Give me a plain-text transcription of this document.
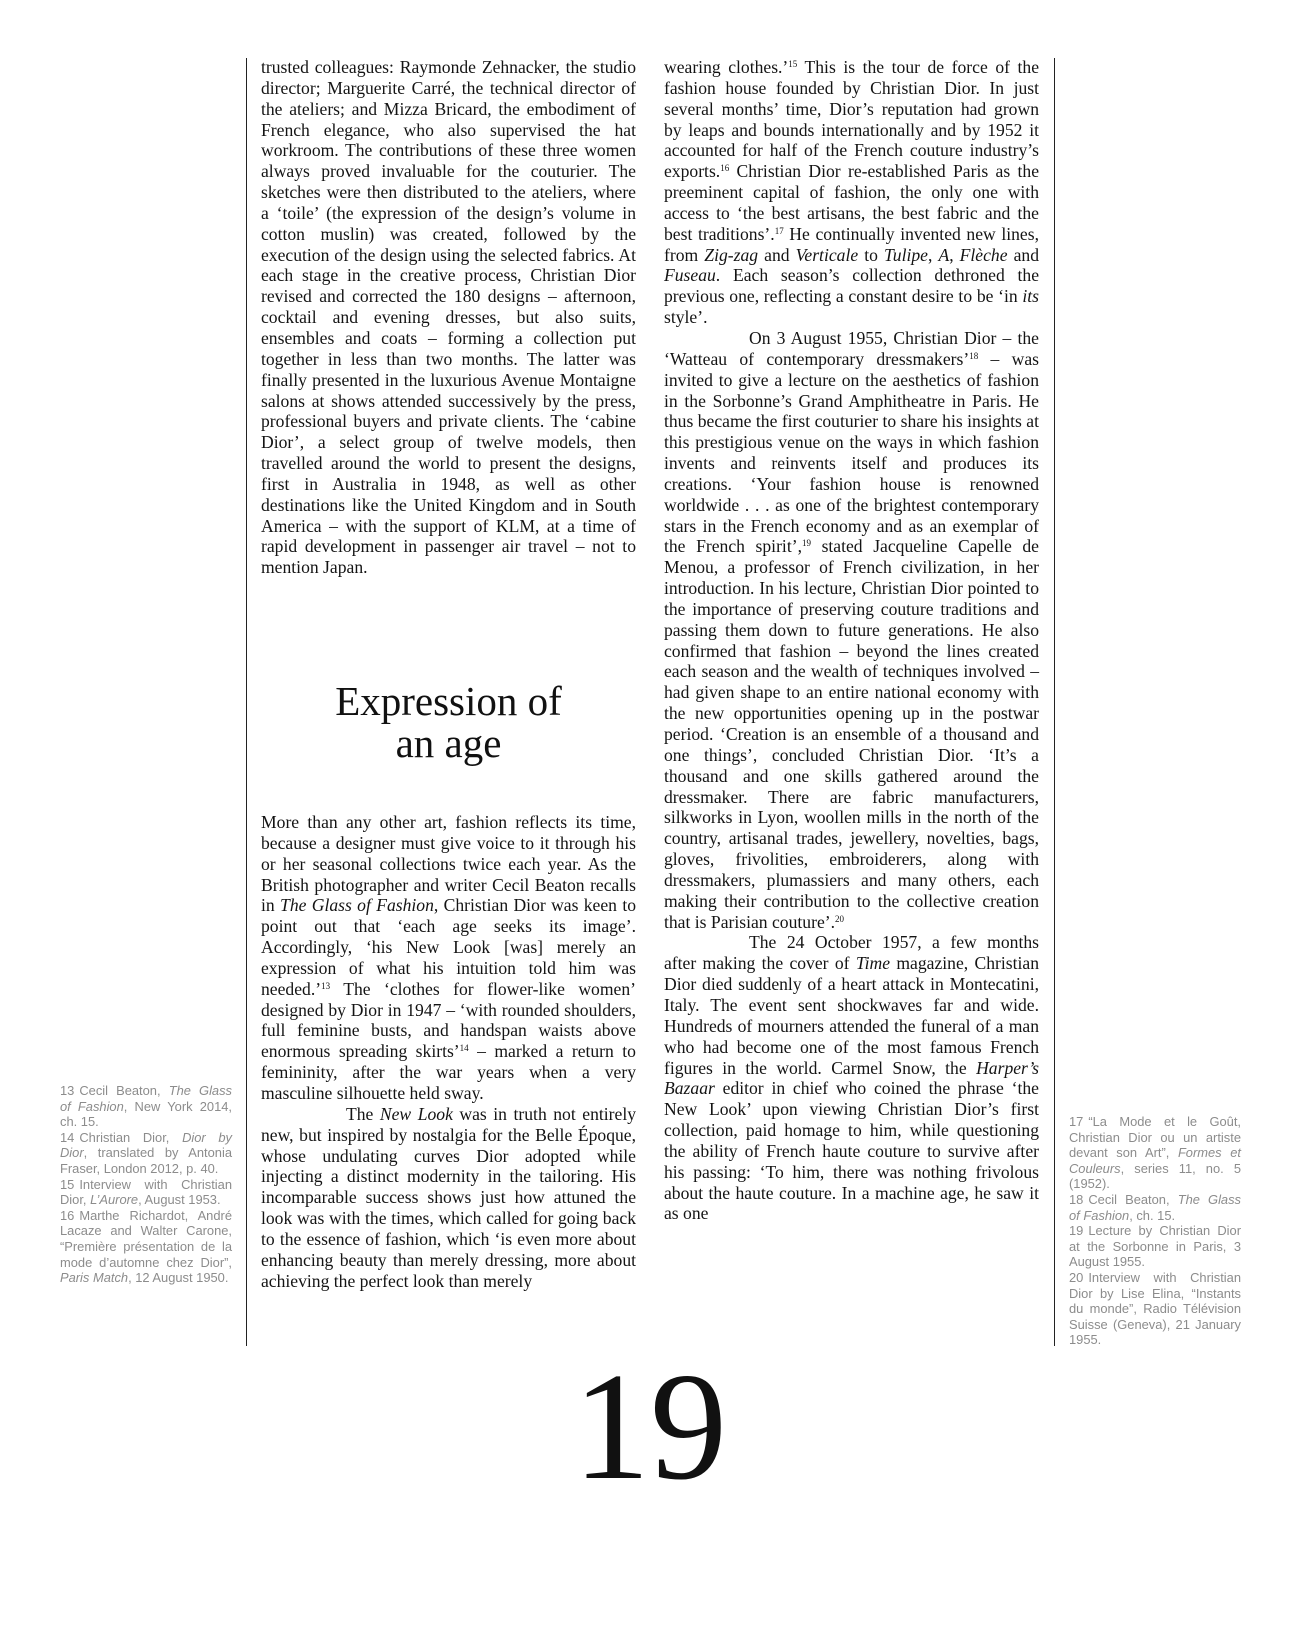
trusted colleagues: Raymonde Zehnacker, the studio director; Marguerite Carré, the technical director of the ateliers; and Mizza Bricard, the embodiment of French elegance, who also supervised the hat workroom. The contributions of these three women always proved invaluable for the couturier. The sketches were then distributed to the ateliers, where a ‘toile’ (the expression of the design’s volume in cotton muslin) was created, followed by the execution of the design using the selected fabrics. At each stage in the creative process, Christian Dior revised and corrected the 180 designs – afternoon, cocktail and evening dresses, but also suits, ensembles and coats – forming a collection put together in less than two months. The latter was finally presented in the luxurious Avenue Montaigne salons at shows attended successively by the press, professional buyers and private clients. The ‘cabine Dior’, a select group of twelve models, then travelled around the world to present the designs, first in Australia in 1948, as well as other destinations like the United Kingdom and in South America – with the support of KLM, at a time of rapid development in passenger air travel – not to mention Japan.

Expression of
an age

More than any other art, fashion reflects its time, because a designer must give voice to it through his or her seasonal collections twice each year. As the British photographer and writer Cecil Beaton recalls in The Glass of Fashion, Christian Dior was keen to point out that ‘each age seeks its image’. Accordingly, ‘his New Look [was] merely an expression of what his intuition told him was needed.’$^{13}$ The ‘clothes for flower-like women’ designed by Dior in 1947 – ‘with rounded shoulders, full feminine busts, and handspan waists above enormous spreading skirts’$^{14}$ – marked a return to femininity, after the war years when a very masculine silhouette held sway.

The New Look was in truth not entirely new, but inspired by nostalgia for the Belle Époque, whose undulating curves Dior adopted while injecting a distinct modernity in the tailoring. His incomparable success shows just how attuned the look was with the times, which called for going back to the essence of fashion, which ‘is even more about enhancing beauty than merely dressing, more about achieving the perfect look than merely

wearing clothes.’$^{15}$ This is the tour de force of the fashion house founded by Christian Dior. In just several months’ time, Dior’s reputation had grown by leaps and bounds internationally and by 1952 it accounted for half of the French couture industry’s exports.$^{16}$ Christian Dior re-established Paris as the preeminent capital of fashion, the only one with access to ‘the best artisans, the best fabric and the best traditions’.$^{17}$ He continually invented new lines, from Zig-zag and Verticale to Tulipe, A, Flèche and Fuseau. Each season’s collection dethroned the previous one, reflecting a constant desire to be ‘in its style’.

On 3 August 1955, Christian Dior – the ‘Watteau of contemporary dressmakers’$^{18}$ – was invited to give a lecture on the aesthetics of fashion in the Sorbonne’s Grand Amphitheatre in Paris. He thus became the first couturier to share his insights at this prestigious venue on the ways in which fashion invents and reinvents itself and produces its creations. ‘Your fashion house is renowned worldwide . . . as one of the brightest contemporary stars in the French economy and as an exemplar of the French spirit’,$^{19}$ stated Jacqueline Capelle de Menou, a professor of French civilization, in her introduction. In his lecture, Christian Dior pointed to the importance of preserving couture traditions and passing them down to future generations. He also confirmed that fashion – beyond the lines created each season and the wealth of techniques involved – had given shape to an entire national economy with the new opportunities opening up in the postwar period. ‘Creation is an ensemble of a thousand and one things’, concluded Christian Dior. ‘It’s a thousand and one skills gathered around the dressmaker. There are fabric manufacturers, silkworks in Lyon, woollen mills in the north of the country, artisanal trades, jewellery, novelties, bags, gloves, frivolities, embroiderers, along with dressmakers, plumassiers and many others, each making their contribution to the collective creation that is Parisian couture’.$^{20}$

The 24 October 1957, a few months after making the cover of Time magazine, Christian Dior died suddenly of a heart attack in Montecatini, Italy. The event sent shockwaves far and wide. Hundreds of mourners attended the funeral of a man who had become one of the most famous French figures in the world. Carmel Snow, the Harper’s Bazaar editor in chief who coined the phrase ‘the New Look’ upon viewing Christian Dior’s first collection, paid homage to him, while questioning the ability of French haute couture to survive after his passing: ‘To him, there was nothing frivolous about the haute couture. In a machine age, he saw it as one

13 Cecil Beaton, The Glass of Fashion, New York 2014, ch. 15.

14 Christian Dior, Dior by Dior, translated by Antonia Fraser, London 2012, p. 40.

15 Interview with Christian Dior, L’Aurore, August 1953.

16 Marthe Richardot, André Lacaze and Walter Carone, “Première présentation de la mode d’automne chez Dior”, Paris Match, 12 August 1950.

17 “La Mode et le Goût, Christian Dior ou un artiste devant son Art”, Formes et Couleurs, series 11, no. 5 (1952).

18 Cecil Beaton, The Glass of Fashion, ch. 15.

19 Lecture by Christian Dior at the Sorbonne in Paris, 3 August 1955.

20 Interview with Christian Dior by Lise Elina, “Instants du monde”, Radio Télévision Suisse (Geneva), 21 January 1955.

19
